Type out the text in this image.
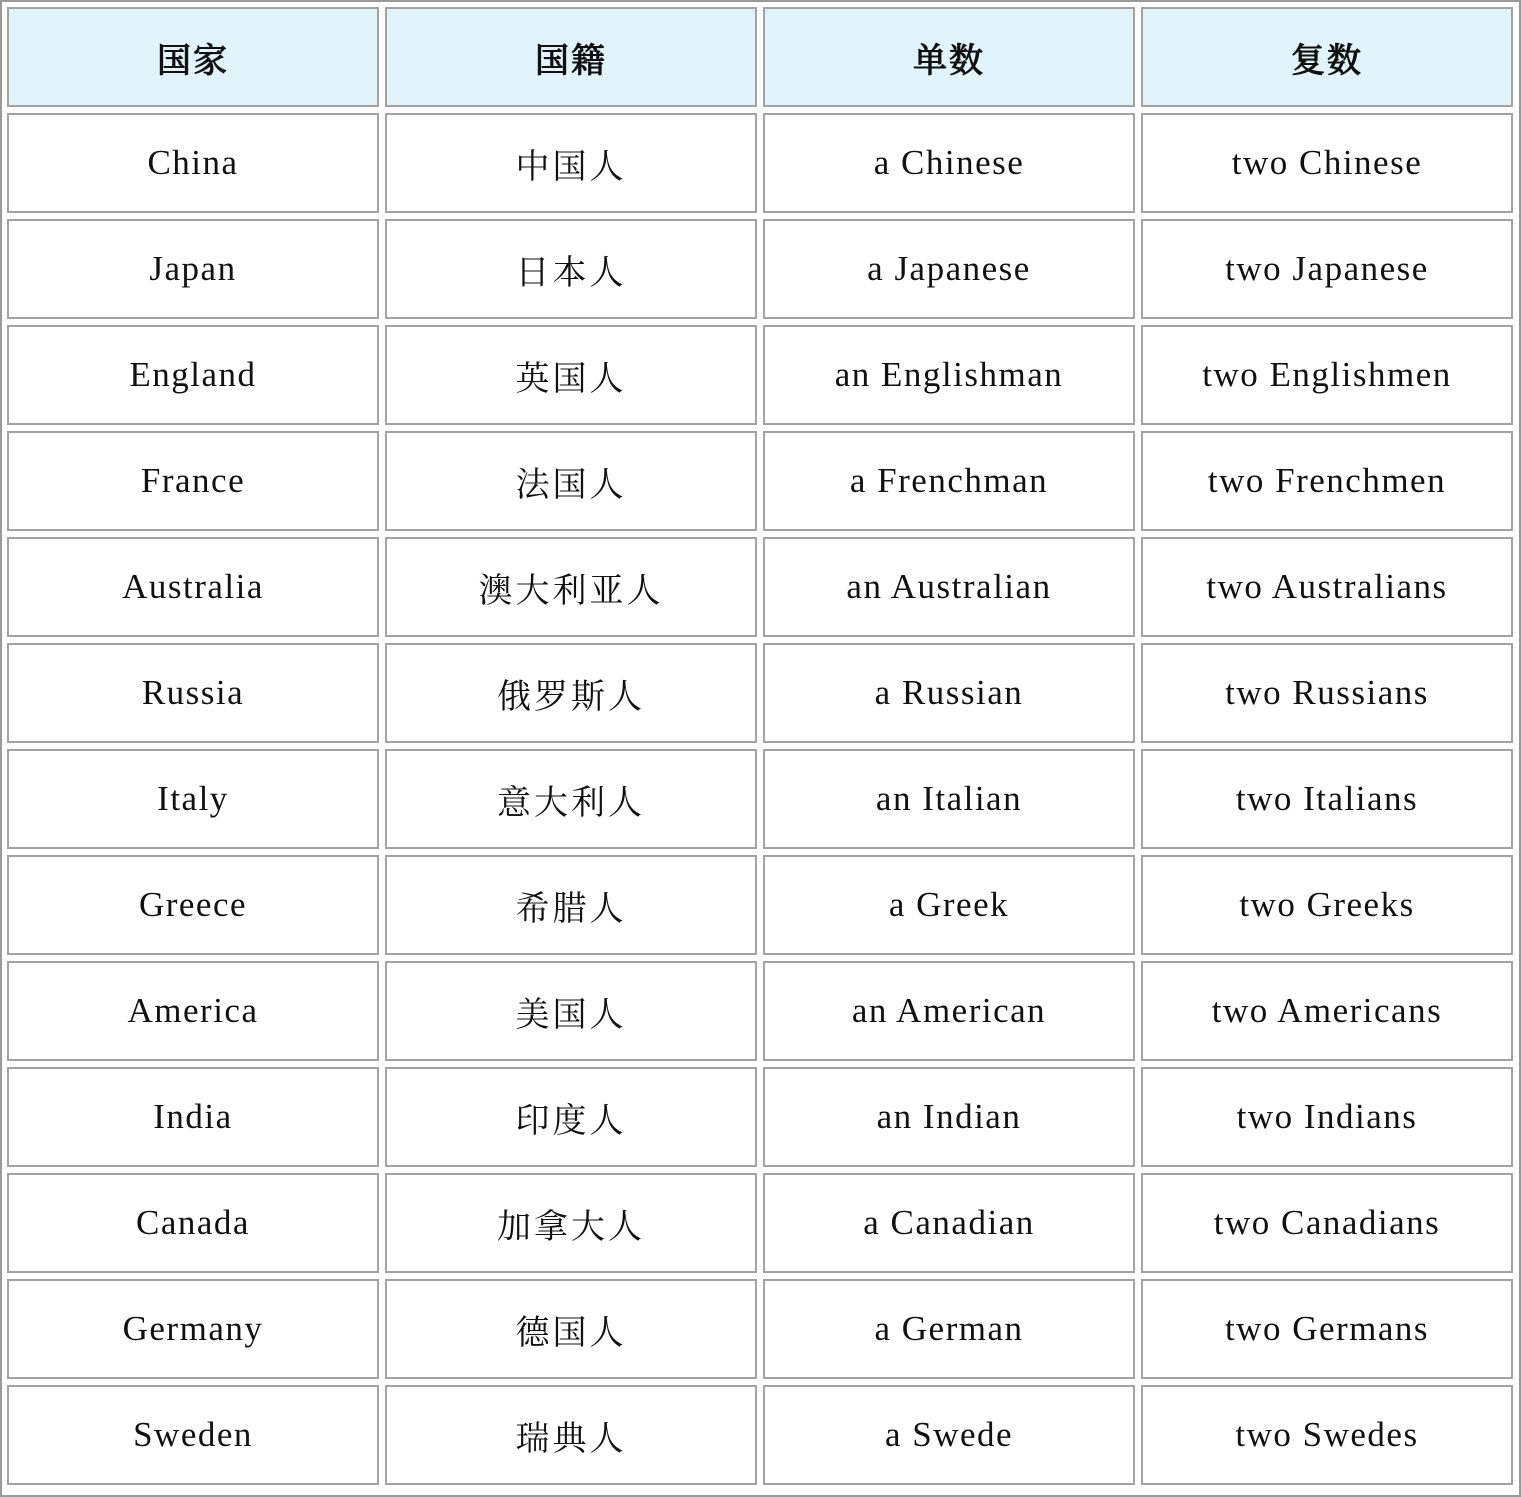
国家	国籍	单数	复数
China	中国人	a Chinese	two Chinese
Japan	日本人	a Japanese	two Japanese
England	英国人	an Englishman	two Englishmen
France	法国人	a Frenchman	two Frenchmen
Australia	澳大利亚人	an Australian	two Australians
Russia	俄罗斯人	a Russian	two Russians
Italy	意大利人	an Italian	two Italians
Greece	希腊人	a Greek	two Greeks
America	美国人	an American	two Americans
India	印度人	an Indian	two Indians
Canada	加拿大人	a Canadian	two Canadians
Germany	德国人	a German	two Germans
Sweden	瑞典人	a Swede	two Swedes
